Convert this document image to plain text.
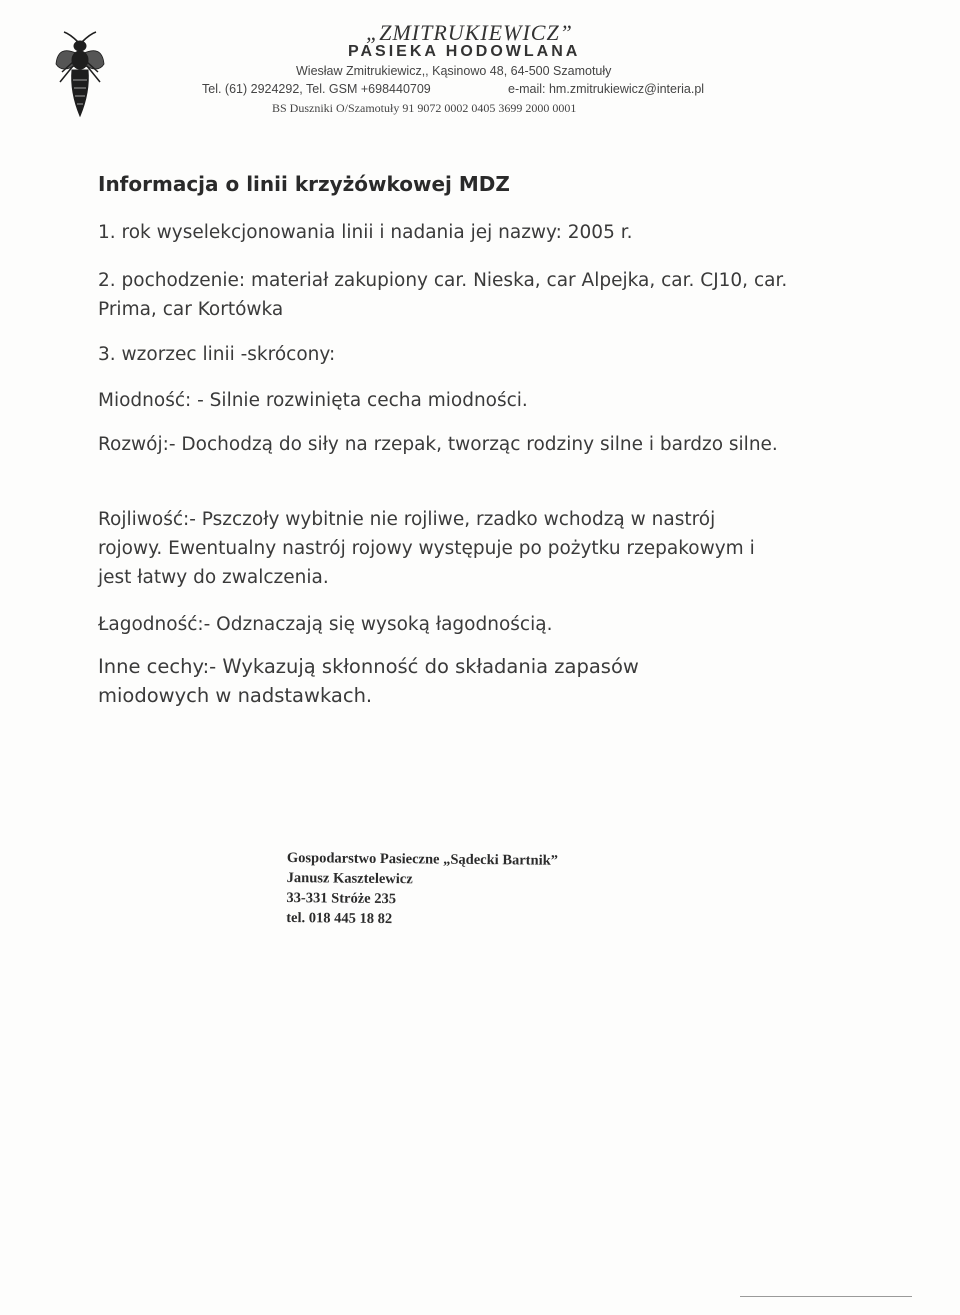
„ZMITRUKIEWICZ”
PASIEKA HODOWLANA
Wiesław Zmitrukiewicz,, Kąsinowo 48, 64-500 Szamotuły
Tel. (61) 2924292, Tel. GSM +698440709	e-mail: hm.zmitrukiewicz@interia.pl
BS Duszniki O/Szamotuły 91 9072 0002 0405 3699 2000 0001
Informacja o linii krzyżówkowej MDZ
1. rok wyselekcjonowania linii i nadania jej nazwy: 2005 r.
2. pochodzenie: materiał zakupiony car. Nieska, car Alpejka, car. CJ10, car. Prima, car Kortówka
3. wzorzec linii -skrócony:
Miodność: - Silnie rozwinięta cecha miodności.
Rozwój:- Dochodzą do siły na rzepak, tworząc rodziny silne i bardzo silne.
Rojliwość:- Pszczoły wybitnie nie rojliwe, rzadko wchodzą w nastrój rojowy. Ewentualny nastrój rojowy występuje po pożytku rzepakowym i jest łatwy do zwalczenia.
Łagodność:- Odznaczają się wysoką łagodnością.
Inne cechy:- Wykazują skłonność do składania zapasów miodowych w nadstawkach.
Gospodarstwo Pasieczne „Sądecki Bartnik”
Janusz Kasztelewicz
33-331 Stróże 235
tel. 018 445 18 82
